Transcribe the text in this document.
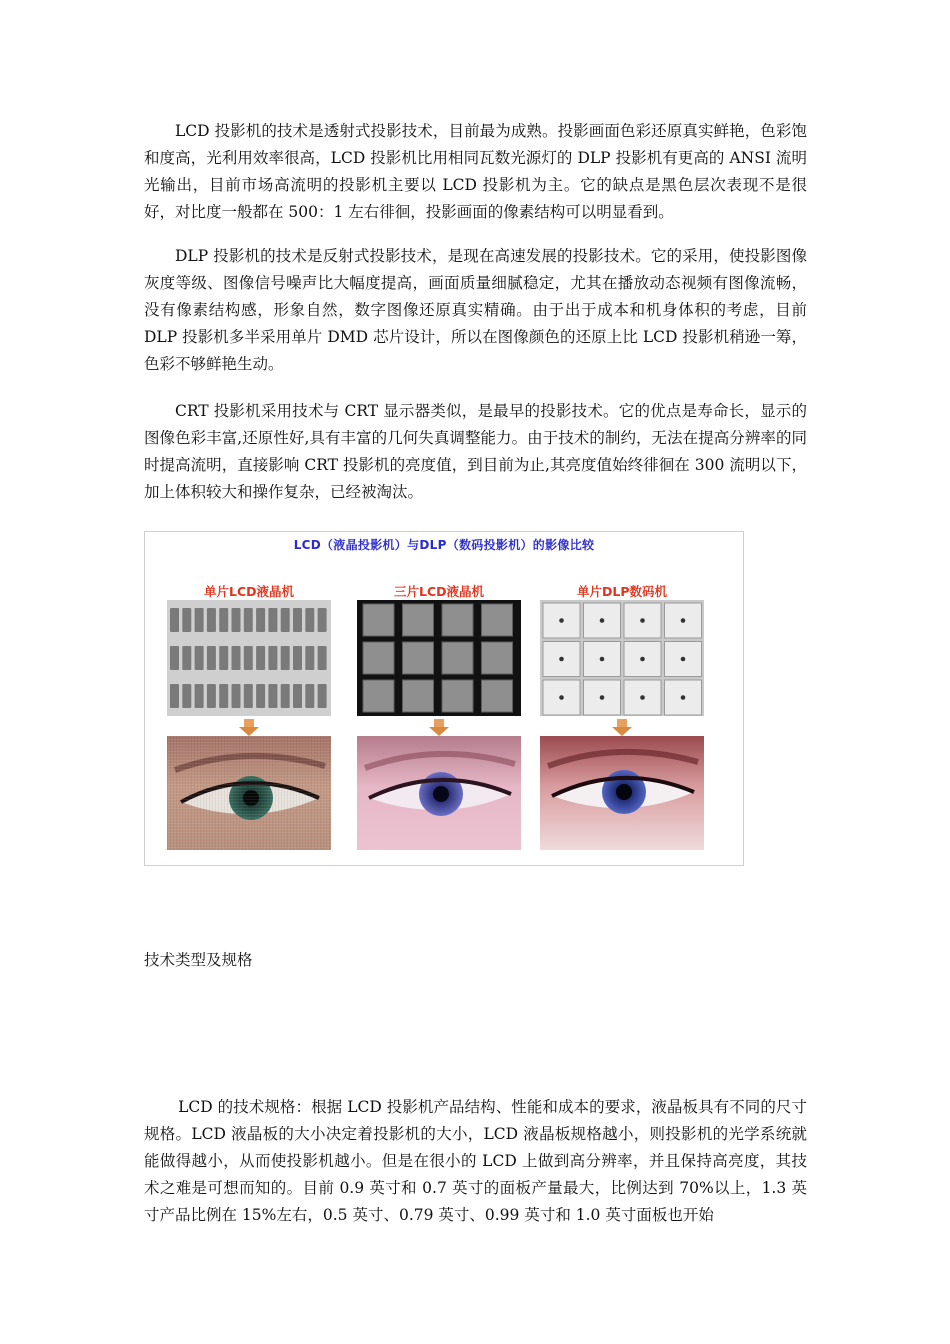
LCD 投影机的技术是透射式投影技术，目前最为成熟。投影画面色彩还原真实鲜艳，色彩饱和度高，光利用效率很高，LCD 投影机比用相同瓦数光源灯的 DLP 投影机有更高的 ANSI 流明光输出，目前市场高流明的投影机主要以 LCD 投影机为主。它的缺点是黑色层次表现不是很好，对比度一般都在 500：1 左右徘徊，投影画面的像素结构可以明显看到。

DLP 投影机的技术是反射式投影技术，是现在高速发展的投影技术。它的采用，使投影图像灰度等级、图像信号噪声比大幅度提高，画面质量细腻稳定，尤其在播放动态视频有图像流畅，没有像素结构感，形象自然，数字图像还原真实精确。由于出于成本和机身体积的考虑，目前 DLP 投影机多半采用单片 DMD 芯片设计，所以在图像颜色的还原上比 LCD 投影机稍逊一筹，色彩不够鲜艳生动。

CRT 投影机采用技术与 CRT 显示器类似，是最早的投影技术。它的优点是寿命长，显示的图像色彩丰富,还原性好,具有丰富的几何失真调整能力。由于技术的制约，无法在提高分辨率的同时提高流明，直接影响 CRT 投影机的亮度值，到目前为止,其亮度值始终徘徊在 300 流明以下，加上体积较大和操作复杂，已经被淘汰。

LCD（液晶投影机）与DLP（数码投影机）的影像比较
单片LCD液晶机	三片LCD液晶机	单片DLP数码机
技术类型及规格

LCD 的技术规格：根据 LCD 投影机产品结构、性能和成本的要求，液晶板具有不同的尺寸规格。LCD 液晶板的大小决定着投影机的大小，LCD 液晶板规格越小，则投影机的光学系统就能做得越小，从而使投影机越小。但是在很小的 LCD 上做到高分辨率，并且保持高亮度，其技术之难是可想而知的。目前 0.9 英寸和 0.7 英寸的面板产量最大，比例达到 70%以上，1.3 英寸产品比例在 15%左右，0.5 英寸、0.79 英寸、0.99 英寸和 1.0 英寸面板也开始
